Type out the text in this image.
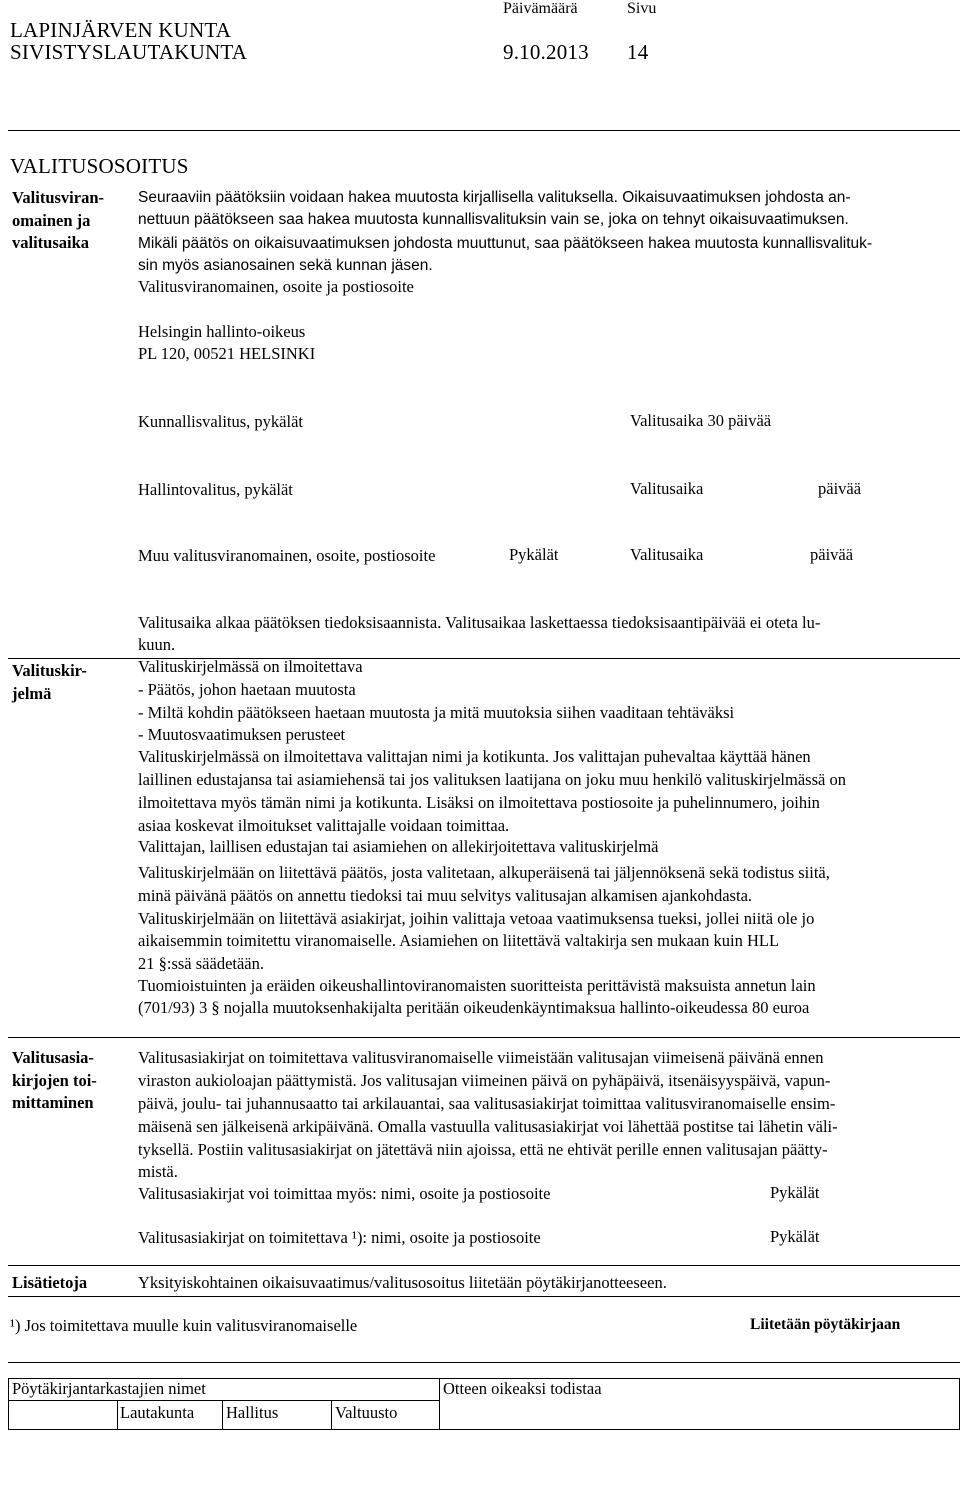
LAPINJÄRVEN KUNTA
SIVISTYSLAUTAKUNTA
Päivämäärä
9.10.2013
Sivu
14
VALITUSOSOITUS
Valitusviran-
omainen ja
valitusaika
Seuraaviin päätöksiin voidaan hakea muutosta kirjallisella valituksella. Oikaisuvaatimuksen johdosta an-
nettuun päätökseen saa hakea muutosta kunnallisvalituksin vain se, joka on tehnyt oikaisuvaatimuksen.
Mikäli päätös on oikaisuvaatimuksen johdosta muuttunut, saa päätökseen hakea muutosta kunnallisvalituk-
sin myös asianosainen sekä kunnan jäsen.
Valitusviranomainen, osoite ja postiosoite
Helsingin hallinto-oikeus
PL 120, 00521 HELSINKI
Kunnallisvalitus, pykälät	Valitusaika 30 päivää
Hallintovalitus, pykälät	Valitusaika	päivää
Muu valitusviranomainen, osoite, postiosoite	Pykälät	Valitusaika	päivää
Valitusaika alkaa päätöksen tiedoksisaannista. Valitusaikaa laskettaessa tiedoksisaantipäivää ei oteta lu-
kuun.
Valituskir-
jelmä
Valituskirjelmässä on ilmoitettava
- Päätös, johon haetaan muutosta
- Miltä kohdin päätökseen haetaan muutosta ja mitä muutoksia siihen vaaditaan tehtäväksi
- Muutosvaatimuksen perusteet
Valituskirjelmässä on ilmoitettava valittajan nimi ja kotikunta. Jos valittajan puhevaltaa käyttää hänen
laillinen edustajansa tai asiamiehensä tai jos valituksen laatijana on joku muu henkilö valituskirjelmässä on
ilmoitettava myös tämän nimi ja kotikunta. Lisäksi on ilmoitettava postiosoite ja puhelinnumero, joihin
asiaa koskevat ilmoitukset valittajalle voidaan toimittaa.
Valittajan, laillisen edustajan tai asiamiehen on allekirjoitettava valituskirjelmä
Valituskirjelmään on liitettävä päätös, josta valitetaan, alkuperäisenä tai jäljennöksenä sekä todistus siitä,
minä päivänä päätös on annettu tiedoksi tai muu selvitys valitusajan alkamisen ajankohdasta.
Valituskirjelmään on liitettävä asiakirjat, joihin valittaja vetoaa vaatimuksensa tueksi, jollei niitä ole jo
aikaisemmin toimitettu viranomaiselle. Asiamiehen on liitettävä valtakirja sen mukaan kuin HLL
21 §:ssä säädetään.
Tuomioistuinten ja eräiden oikeushallintoviranomaisten suoritteista perittävistä maksuista annetun lain
(701/93) 3 § nojalla muutoksenhakijalta peritään oikeudenkäyntimaksua hallinto-oikeudessa 80 euroa
Valitusasia-
kirjojen toi-
mittaminen
Valitusasiakirjat on toimitettava valitusviranomaiselle viimeistään valitusajan viimeisenä päivänä ennen
viraston aukioloajan päättymistä. Jos valitusajan viimeinen päivä on pyhäpäivä, itsenäisyyspäivä, vapun-
päivä, joulu- tai juhannusaatto tai arkilauantai, saa valitusasiakirjat toimittaa valitusviranomaiselle ensim-
mäisenä sen jälkeisenä arkipäivänä. Omalla vastuulla valitusasiakirjat voi lähettää postitse tai lähetin väli-
tyksellä. Postiin valitusasiakirjat on jätettävä niin ajoissa, että ne ehtivät perille ennen valitusajan päätty-
mistä.
Valitusasiakirjat voi toimittaa myös: nimi, osoite ja postiosoite	Pykälät
Valitusasiakirjat on toimitettava ¹): nimi, osoite ja postiosoite	Pykälät
Lisätietoja	Yksityiskohtainen oikaisuvaatimus/valitusosoitus liitetään pöytäkirjanotteeseen.
¹) Jos toimitettava muulle kuin valitusviranomaiselle	Liitetään pöytäkirjaan
Pöytäkirjantarkastajien nimet	Otteen oikeaksi todistaa
Lautakunta Hallitus	Valtuusto
